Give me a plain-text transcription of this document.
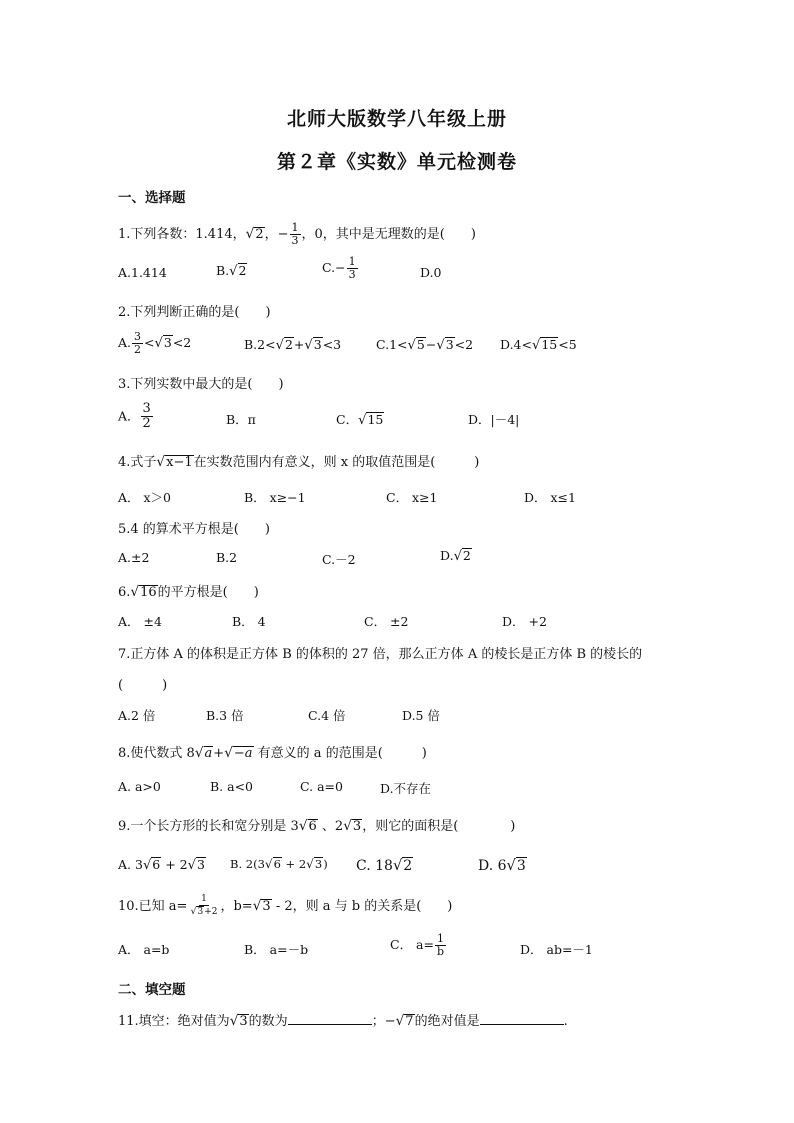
北师大版数学八年级上册
第２章《实数》单元检测卷
一、选择题
1.下列各数：1.414，√2，− $\frac{1}{3}$ ，0，其中是无理数的是(　　)
A.1.414	B.√2	$C.- \frac{1}{3}$	D.0
2.下列判断正确的是(　　)
A. $\frac{3}{2} <√3<2$	B.2<√2+√3<3	C.1<√5−√3<2 D.4<√15<5
3.下列实数中最大的是(　　)
A． $\frac{3}{2}$	B．π	C．√15	D．|－4|
4.式子√x−1在实数范围内有意义，则 x 的取值范围是(　　　)
A． x＞0	B． x≥−1	C． x≥1	D． x≤1
5.4 的算术平方根是(　　)
A.±2	B.2	C.－2	D.√2
6.√16的平方根是(　　)
A． ±4	B． 4	C． ±2	D． +2
7.正方体 A 的体积是正方体 B 的体积的 27 倍，那么正方体 A 的棱长是正方体 B 的棱长的
(　　　)
A.2 倍	B.3 倍	C.4 倍	D.5 倍
8.使代数式 8√a+√−a 有意义的 a 的范围是(　　　)
A. a>0	B. a<0	C. a=0	D.不存在
9.一个长方形的长和宽分别是 3√6 、2√3，则它的面积是(　　　　)
A. 3√6 + 2√3 B. 2(3√6 + 2√3) C. 18√2	D. 6√3
10.已知 $a= \frac{1}{√3+2}$ ，b=√3 - 2，则 a 与 b 的关系是(　　)
A． a=b	B． a=－b	C． $a= \frac{1}{b}$	D． ab=－1
二、填空题
11.填空：绝对值为√3的数为	；−√7的绝对值是	.
